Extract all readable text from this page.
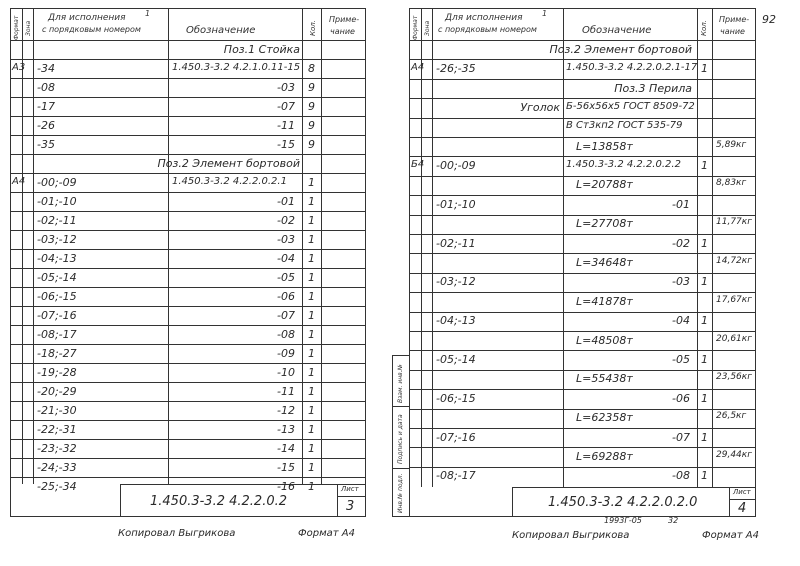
Формат Зона
Для исполнения 1
с порядковым номером	Обозначение	Кол.
Приме-
чание
Поз.1 Стойка
А3 -34	1.450.3-3.2 4.2.1.0.11-15 8
-08	-03 9
-17	-07 9
-26	-11 9
-35	-15 9
Поз.2 Элемент бортовой
А4 -00;-09	1.450.3-3.2 4.2.2.0.2.1 1
-01;-10	-01 1
-02;-11	-02 1
-03;-12	-03 1
-04;-13	-04 1
-05;-14	-05 1
-06;-15	-06 1
-07;-16	-07 1
-08;-17	-08 1
-18;-27	-09 1
-19;-28	-10 1
-20;-29	-11 1
-21;-30	-12 1
-22;-31	-13 1
-23;-32	-14 1
-24;-33	-15 1
-25;-34	-16 1
1.450.3-3.2 4.2.2.0.2
Лист
3
Копировал Выгрикова	Формат А4
Формат Зона
Для исполнения 1
с порядковым номером	Обозначение	Кол.
Приме-
чание
92
Поз.2 Элемент бортовой
А4 -26;-35	1.450.3-3.2 4.2.2.0.2.1-17 1
Поз.3 Перила
Уголок Б-56х56х5 ГОСТ 8509-72
В Ст3кп2 ГОСТ 535-79
L=13858т	5,89кг
Б4 -00;-09	1.450.3-3.2 4.2.2.0.2.2 1
L=20788т	8,83кг
-01;-10	-01
L=27708т	11,77кг
-02;-11	-02 1
L=34648т	14,72кг
-03;-12	-03 1
L=41878т	17,67кг
-04;-13	-04 1
L=48508т	20,61кг
-05;-14	-05 1
L=55438т	23,56кг
-06;-15	-06 1
L=62358т	26,5кг
-07;-16	-07 1
L=69288т	29,44кг
-08;-17	-08 1
Инв.№ подл.
Подпись и дата
Взам. инв.№
1.450.3-3.2 4.2.2.0.2.0
Лист
4
1993Г-05	32
Копировал Выгрикова	Формат А4
